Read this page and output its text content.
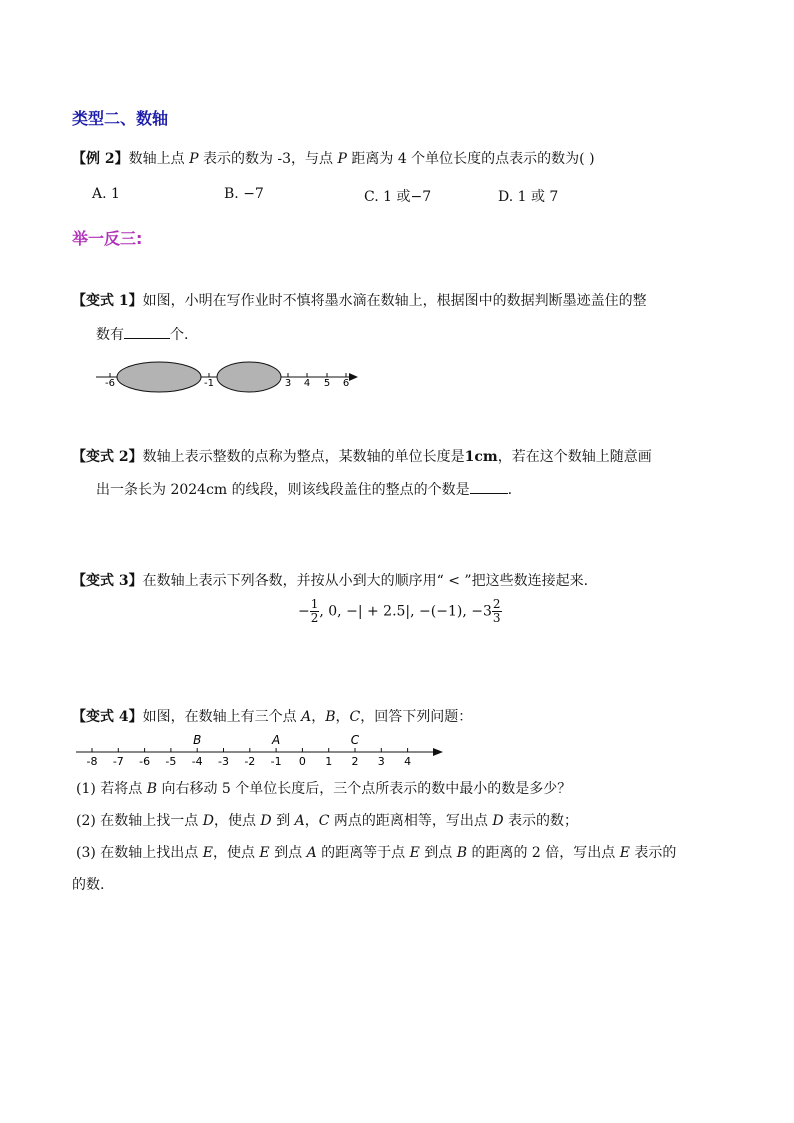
类型二、数轴
【例 2】数轴上点 P 表示的数为 -3，与点 P 距离为 4 个单位长度的点表示的数为( )
A. 1	B. −7	C. 1 或−7	D. 1 或 7
举一反三:
【变式 1】如图，小明在写作业时不慎将墨水滴在数轴上，根据图中的数据判断墨迹盖住的整
数有	个.
-6	-1	3 4 5 6
【变式 2】数轴上表示整数的点称为整点，某数轴的单位长度是1cm，若在这个数轴上随意画
出一条长为 2024cm 的线段，则该线段盖住的整点的个数是	.
【变式 3】在数轴上表示下列各数，并按从小到大的顺序用“ < ”把这些数连接起来.
− $\frac{1}{2}$ , 0, −| + 2.5|, −(−1), $-3 \frac{2}{3}$
【变式 4】如图，在数轴上有三个点 A，B，C，回答下列问题：
-8 -7 -6 -5 -4 -3 -2 -1 0 1 2 3 4
B	A	C
(1) 若将点 B 向右移动 5 个单位长度后，三个点所表示的数中最小的数是多少？
(2) 在数轴上找一点 D，使点 D 到 A，C 两点的距离相等，写出点 D 表示的数；
(3) 在数轴上找出点 E，使点 E 到点 A 的距离等于点 E 到点 B 的距离的 2 倍，写出点 E 表示的
的数.
